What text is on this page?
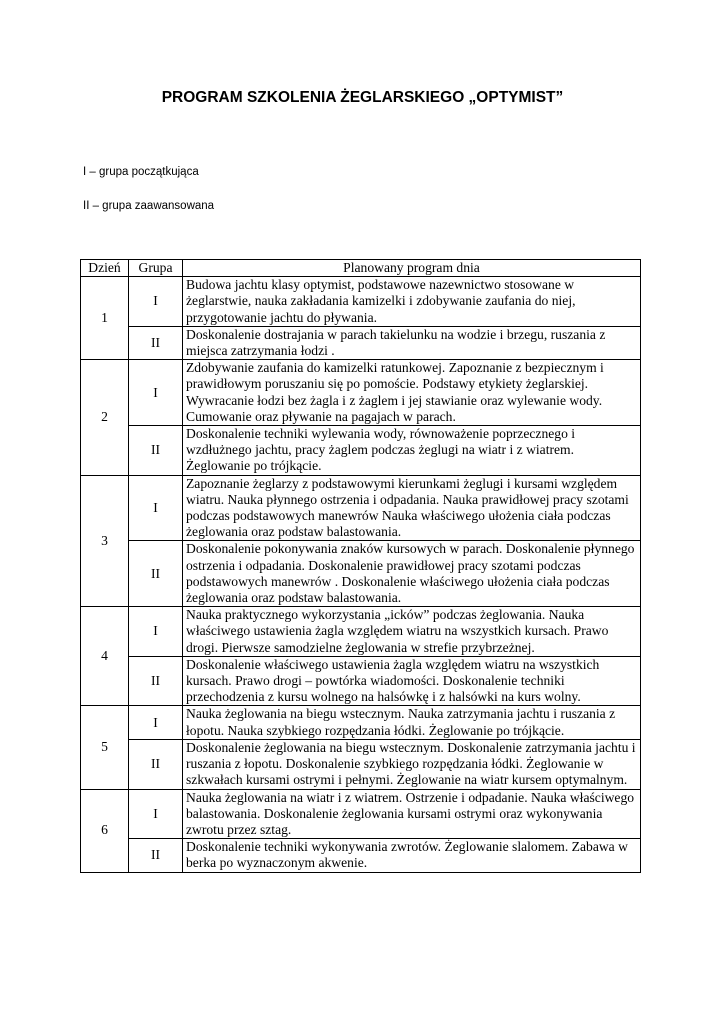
PROGRAM SZKOLENIA ŻEGLARSKIEGO „OPTYMIST”
I – grupa początkująca
II – grupa zaawansowana
Dzień	Grupa	Planowany program dnia
1	I	Budowa jachtu klasy optymist, podstawowe nazewnictwo stosowane w żeglarstwie, nauka zakładania kamizelki i zdobywanie zaufania do niej, przygotowanie jachtu do pływania.
	II	Doskonalenie dostrajania w parach takielunku na wodzie i brzegu, ruszania z miejsca zatrzymania łodzi .
2	I	Zdobywanie zaufania do kamizelki ratunkowej. Zapoznanie z bezpiecznym i prawidłowym poruszaniu się po pomoście. Podstawy etykiety żeglarskiej. Wywracanie łodzi bez żagla i z żaglem i jej stawianie oraz wylewanie wody. Cumowanie oraz pływanie na pagajach w parach.
	II	Doskonalenie techniki wylewania wody, równoważenie poprzecznego i wzdłużnego jachtu, pracy żaglem podczas żeglugi na wiatr i z wiatrem. Żeglowanie po trójkącie.
3	I	Zapoznanie żeglarzy z podstawowymi kierunkami żeglugi i kursami względem wiatru. Nauka płynnego ostrzenia i odpadania. Nauka prawidłowej pracy szotami podczas podstawowych manewrów Nauka właściwego ułożenia ciała podczas żeglowania oraz podstaw balastowania.
	II	Doskonalenie pokonywania znaków kursowych w parach. Doskonalenie płynnego ostrzenia i odpadania. Doskonalenie prawidłowej pracy szotami podczas podstawowych manewrów . Doskonalenie właściwego ułożenia ciała podczas żeglowania oraz podstaw balastowania.
4	I	Nauka praktycznego wykorzystania „icków” podczas żeglowania. Nauka właściwego ustawienia żagla względem wiatru na wszystkich kursach. Prawo drogi. Pierwsze samodzielne żeglowania w strefie przybrzeżnej.
	II	Doskonalenie właściwego ustawienia żagla względem wiatru na wszystkich kursach. Prawo drogi – powtórka wiadomości. Doskonalenie techniki przechodzenia z kursu wolnego na halsówkę i z halsówki na kurs wolny.
5	I	Nauka żeglowania na biegu wstecznym. Nauka zatrzymania jachtu i ruszania z łopotu. Nauka szybkiego rozpędzania łódki. Żeglowanie po trójkącie.
	II	Doskonalenie żeglowania na biegu wstecznym. Doskonalenie zatrzymania jachtu i ruszania z łopotu. Doskonalenie szybkiego rozpędzania łódki. Żeglowanie w szkwałach kursami ostrymi i pełnymi. Żeglowanie na wiatr kursem optymalnym.
6	I	Nauka żeglowania na wiatr i z wiatrem. Ostrzenie i odpadanie. Nauka właściwego balastowania. Doskonalenie żeglowania kursami ostrymi oraz wykonywania zwrotu przez sztag.
	II	Doskonalenie techniki wykonywania zwrotów. Żeglowanie slalomem. Zabawa w berka po wyznaczonym akwenie.
